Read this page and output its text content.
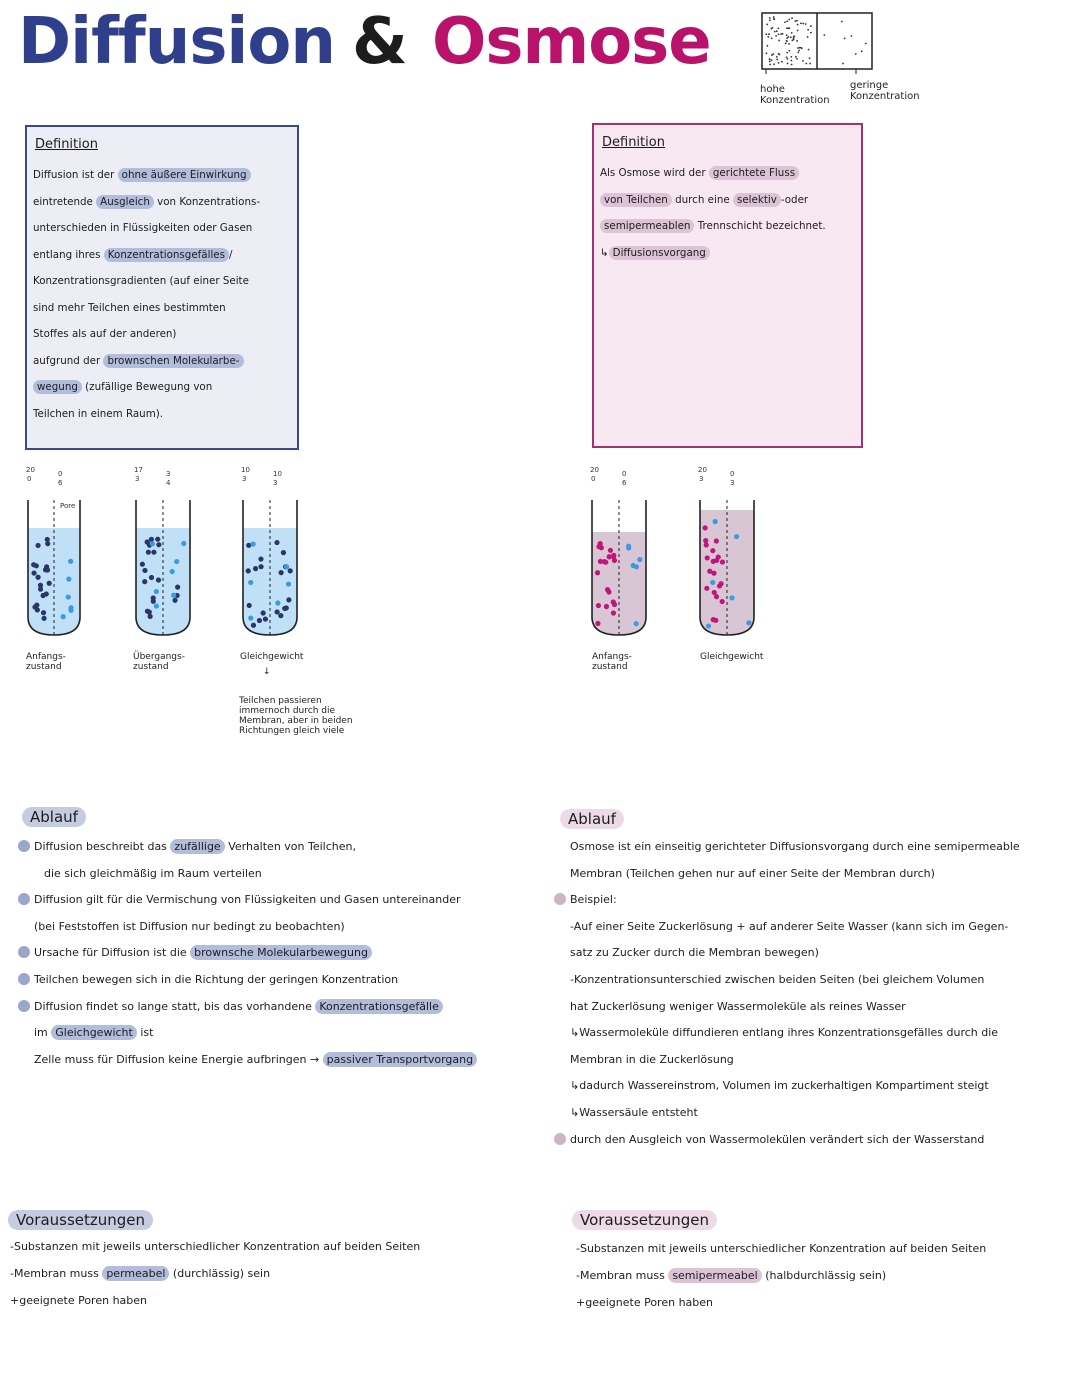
Diffusion & Osmose
hohe Konzentration
geringe Konzentration
Definition
Diffusion ist der ohne äußere Einwirkung
eintretende Ausgleich von Konzentrations-
unterschieden in Flüssigkeiten oder Gasen
entlang ihres Konzentrationsgefälles /
Konzentrationsgradienten (auf einer Seite
sind mehr Teilchen eines bestimmten
Stoffes als auf der anderen)
aufgrund der brownschen Molekularbe-
wegung (zufällige Bewegung von
Teilchen in einem Raum).
Definition
Als Osmose wird der gerichtete Fluss
von Teilchen durch eine selektiv -oder
semipermeablen Trennschicht bezeichnet.
↳ Diffusionsvorgang
20
0
0
6
Anfangs-zustand
Pore
17
3
3
4
Übergangs-zustand
10
3
10
3
Gleichgewicht
↓
Teilchen passieren immernoch durch die Membran, aber in beiden Richtungen gleich viele
20
0
0
6
Anfangs-zustand
20
3
0
3
Gleichgewicht
Ablauf	Ablauf
Diffusion beschreibt das zufällige Verhalten von Teilchen,
die sich gleichmäßig im Raum verteilen
Diffusion gilt für die Vermischung von Flüssigkeiten und Gasen untereinander
(bei Feststoffen ist Diffusion nur bedingt zu beobachten)
Ursache für Diffusion ist die brownsche Molekularbewegung
Teilchen bewegen sich in die Richtung der geringen Konzentration
Diffusion findet so lange statt, bis das vorhandene Konzentrationsgefälle
im Gleichgewicht ist
Zelle muss für Diffusion keine Energie aufbringen → passiver Transportvorgang
Osmose ist ein einseitig gerichteter Diffusionsvorgang durch eine semipermeable
Membran (Teilchen gehen nur auf einer Seite der Membran durch)
Beispiel:
-Auf einer Seite Zuckerlösung + auf anderer Seite Wasser (kann sich im Gegen-
satz zu Zucker durch die Membran bewegen)
-Konzentrationsunterschied zwischen beiden Seiten (bei gleichem Volumen
hat Zuckerlösung weniger Wassermoleküle als reines Wasser
↳Wassermoleküle diffundieren entlang ihres Konzentrationsgefälles durch die
Membran in die Zuckerlösung
↳dadurch Wassereinstrom, Volumen im zuckerhaltigen Kompartiment steigt
↳Wassersäule entsteht
durch den Ausgleich von Wassermolekülen verändert sich der Wasserstand
Voraussetzungen	Voraussetzungen
-Substanzen mit jeweils unterschiedlicher Konzentration auf beiden Seiten
-Membran muss permeabel (durchlässig) sein
+geeignete Poren haben
-Substanzen mit jeweils unterschiedlicher Konzentration auf beiden Seiten
-Membran muss semipermeabel (halbdurchlässig sein)
+geeignete Poren haben
